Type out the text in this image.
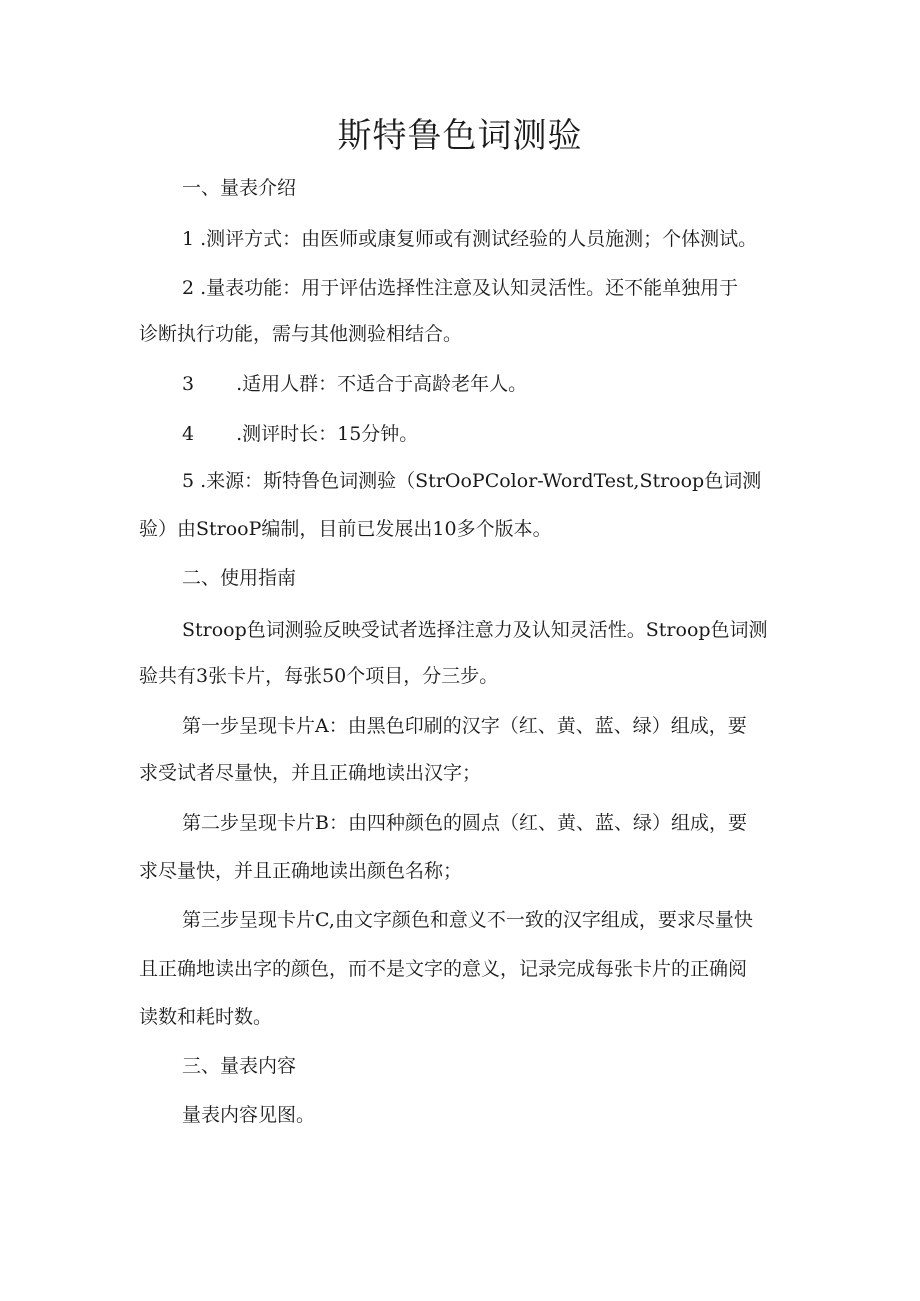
斯特鲁色词测验
一、量表介绍
1 .测评方式：由医师或康复师或有测试经验的人员施测；个体测试。
2 .量表功能：用于评估选择性注意及认知灵活性。还不能单独用于
诊断执行功能，需与其他测验相结合。
3 .适用人群：不适合于高龄老年人。
4 .测评时长：15分钟。
5 .来源：斯特鲁色词测验（StrOoPColor-WordTest,Stroop色词测
验）由StrooP编制，目前已发展出10多个版本。
二、使用指南
Stroop色词测验反映受试者选择注意力及认知灵活性。Stroop色词测
验共有3张卡片，每张50个项目，分三步。
第一步呈现卡片A：由黑色印刷的汉字（红、黄、蓝、绿）组成，要
求受试者尽量快，并且正确地读出汉字；
第二步呈现卡片B：由四种颜色的圆点（红、黄、蓝、绿）组成，要
求尽量快，并且正确地读出颜色名称；
第三步呈现卡片C,由文字颜色和意义不一致的汉字组成，要求尽量快
且正确地读出字的颜色，而不是文字的意义，记录完成每张卡片的正确阅
读数和耗时数。
三、量表内容
量表内容见图。
